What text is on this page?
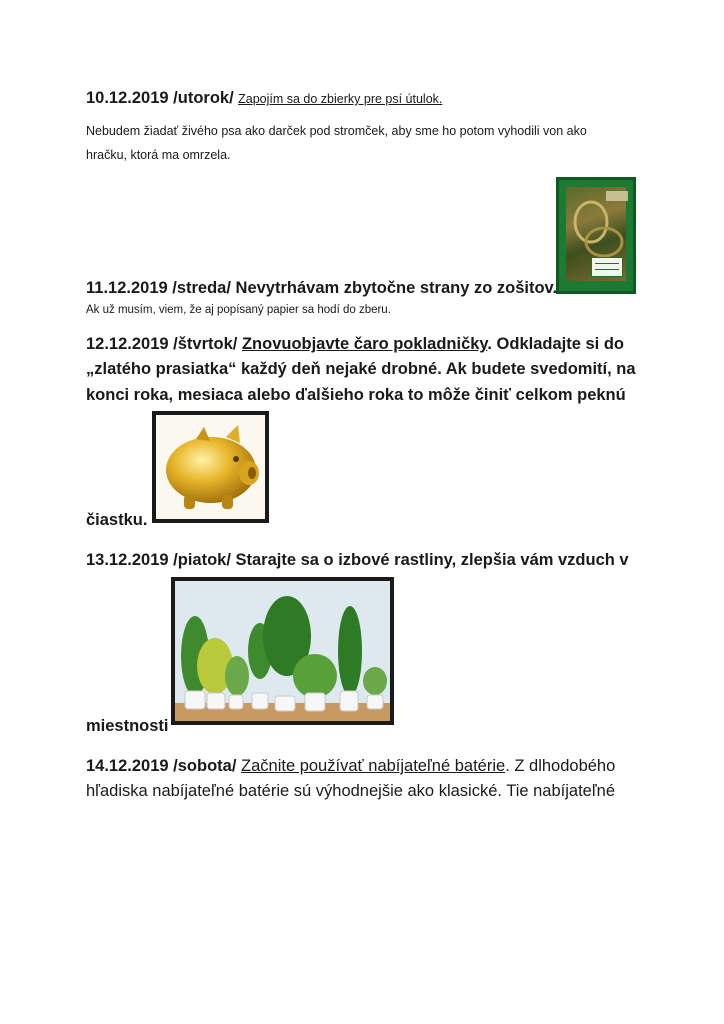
10.12.2019 /utorok/ Zapojím sa do zbierky pre psí útulok.
Nebudem žiadať živého psa ako darček pod stromček, aby sme ho potom vyhodili von ako
hračku, ktorá ma omrzela.
11.12.2019 /streda/ Nevytrhávam zbytočne strany zo zošitov.
Ak už musím, viem, že aj popísaný papier sa hodí do zberu.
12.12.2019 /štvrtok/ Znovuobjavte čaro pokladničky. Odkladajte si do
„zlatého prasiatka“ každý deň nejaké drobné. Ak budete svedomití, na
konci roka, mesiaca alebo ďalšieho roka to môže činiť celkom peknú
čiastku.
13.12.2019 /piatok/ Starajte sa o izbové rastliny, zlepšia vám vzduch v
miestnosti
14.12.2019 /sobota/ Začnite používať nabíjateľné batérie. Z dlhodobého
hľadiska nabíjateľné batérie sú výhodnejšie ako klasické. Tie nabíjateľné
